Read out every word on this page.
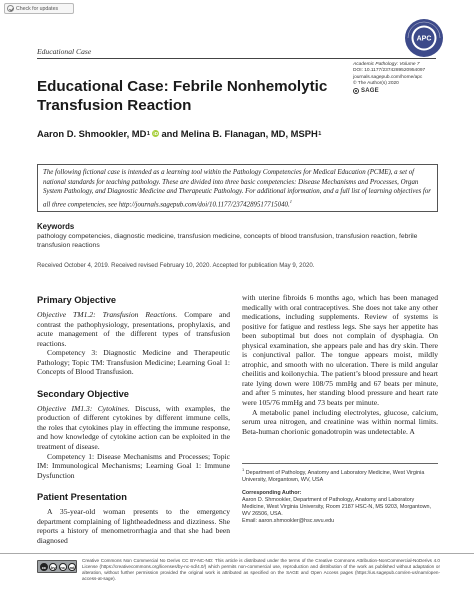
Check for updates
Educational Case
APC
Academic Pathology: Volume 7
DOI: 10.1177/2374289520954097
journals.sagepub.com/home/apc
© The Author(s) 2020
SAGE
Educational Case: Febrile Nonhemolytic Transfusion Reaction
Aaron D. Shmookler, MD 1 iD and Melina B. Flanagan, MD, MSPH 1
The following fictional case is intended as a learning tool within the Pathology Competencies for Medical Education (PCME), a set of national standards for teaching pathology. These are divided into three basic competencies: Disease Mechanisms and Processes, Organ System Pathology, and Diagnostic Medicine and Therapeutic Pathology. For additional information, and a full list of learning objectives for all three competencies, see http://journals.sagepub.com/doi/10.1177/2374289517715040.$^1$
Keywords
pathology competencies, diagnostic medicine, transfusion medicine, concepts of blood transfusion, transfusion reaction, febrile transfusion reactions
Received October 4, 2019. Received revised February 10, 2020. Accepted for publication May 9, 2020.
Primary Objective
Objective TM1.2: Transfusion Reactions. Compare and contrast the pathophysiology, presentations, prophylaxis, and acute management of the different types of transfusion reactions.
Competency 3: Diagnostic Medicine and Therapeutic Pathology; Topic TM: Transfusion Medicine; Learning Goal 1: Concepts of Blood Transfusion.
Secondary Objective
Objective IM1.3: Cytokines. Discuss, with examples, the production of different cytokines by different immune cells, the roles that cytokines play in effecting the immune response, and how knowledge of cytokine action can be exploited in the treatment of disease.
Competency 1: Disease Mechanisms and Processes; Topic IM: Immunological Mechanisms; Learning Goal 1: Immune Dysfunction
Patient Presentation
A 35-year-old woman presents to the emergency department complaining of lightheadedness and dizziness. She reports a history of menometrorrhagia and that she had been diagnosed
with uterine fibroids 6 months ago, which has been managed medically with oral contraceptives. She does not take any other medications, including supplements. Review of systems is positive for fatigue and restless legs. She says her appetite has been suboptimal but does not complain of dysphagia. On physical examination, she appears pale and has dry skin. There is conjunctival pallor. The tongue appears moist, mildly atrophic, and smooth with no ulceration. There is mild angular cheilitis and koilonychia. The patient’s blood pressure and heart rate lying down were 108/75 mmHg and 67 beats per minute, and after 5 minutes, her standing blood pressure and heart rate were 105/76 mmHg and 73 beats per minute.
A metabolic panel including electrolytes, glucose, calcium, serum urea nitrogen, and creatinine was within normal limits. Beta-human chorionic gonadotropin was undetectable. A
$^1$ Department of Pathology, Anatomy and Laboratory Medicine, West Virginia University, Morgantown, WV, USA
Corresponding Author:
Aaron D. Shmookler, Department of Pathology, Anatomy and Laboratory Medicine, West Virginia University, Room 2187 HSC-N, MS 9203, Morgantown, WV 26506, USA.
Email: aaron.shmookler@hsc.wvu.edu
cc	by	nc	nd
Creative Commons Non Commercial No Derivs CC BY-NC-ND: This article is distributed under the terms of the Creative Commons Attribution-NonCommercial-NoDerivs 4.0 License (https://creativecommons.org/licenses/by-nc-nd/4.0/) which permits non-commercial use, reproduction and distribution of the work as published without adaptation or alteration, without further permission provided the original work is attributed as specified on the SAGE and Open Access pages (https://us.sagepub.com/en-us/nam/open-access-at-sage).
